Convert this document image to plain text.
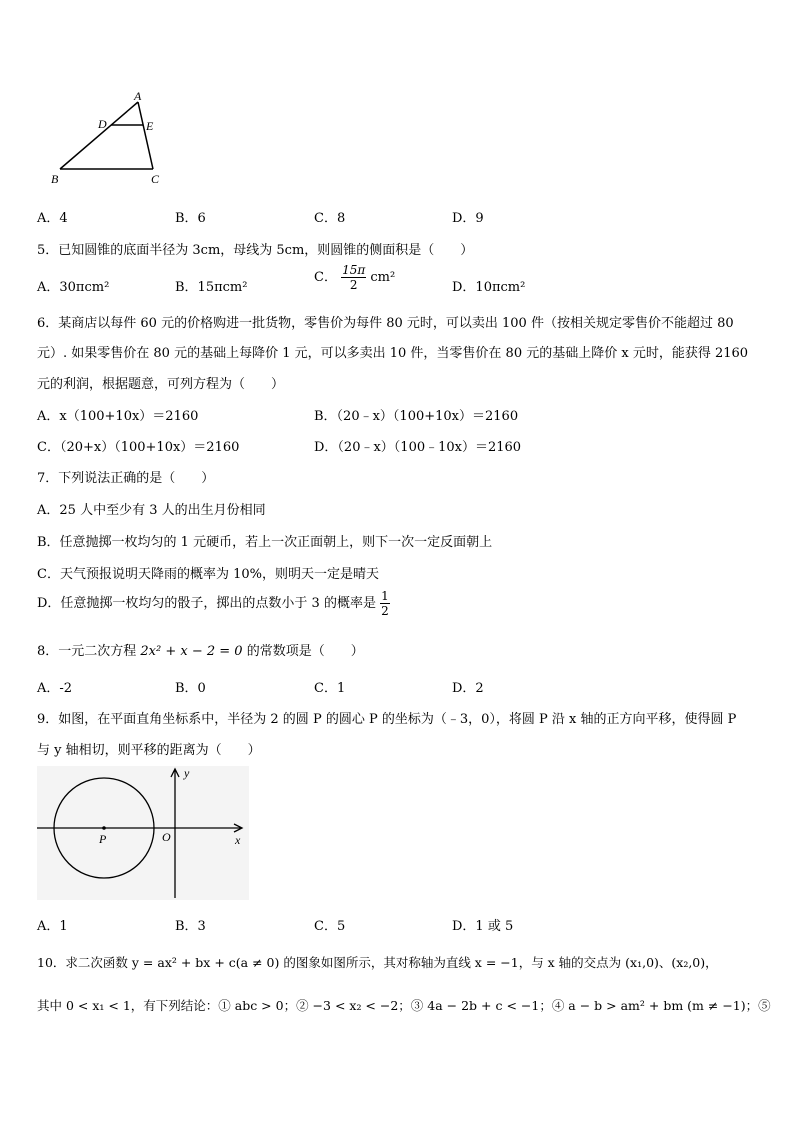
A
D	E
B	C
A．4	B．6	C．8	D．9
5．已知圆锥的底面半径为 3cm，母线为 5cm，则圆锥的侧面积是（　　）
A．30πcm²	B．15πcm²
C． $\frac{15\pi}{2} cm^2$
D．10πcm²
6．某商店以每件 60 元的价格购进一批货物，零售价为每件 80 元时，可以卖出 100 件（按相关规定零售价不能超过 80
元）. 如果零售价在 80 元的基础上每降价 1 元，可以多卖出 10 件，当零售价在 80 元的基础上降价 x 元时，能获得 2160
元的利润，根据题意，可列方程为（　　）
A．x（100+10x）＝2160	B．（20﹣x）（100+10x）＝2160
C．（20+x）（100+10x）＝2160	D．（20﹣x）（100﹣10x）＝2160
7．下列说法正确的是（　　）
A．25 人中至少有 3 人的出生月份相同
B．任意抛掷一枚均匀的 1 元硬币，若上一次正面朝上，则下一次一定反面朝上
C．天气预报说明天降雨的概率为 10%，则明天一定是晴天
D．任意抛掷一枚均匀的骰子，掷出的点数小于 3 的概率是 $\frac{1}{2}$
8．一元二次方程 2x² + x − 2 = 0 的常数项是（　　）
A．-2	B．0	C．1	D．2
9．如图，在平面直角坐标系中，半径为 2 的圆 P 的圆心 P 的坐标为（﹣3，0），将圆 P 沿 x 轴的正方向平移，使得圆 P
与 y 轴相切，则平移的距离为（　　）
y
x
O
P
A．1	B．3	C．5	D．1 或 5
10．求二次函数 y = ax² + bx + c(a ≠ 0) 的图象如图所示，其对称轴为直线 x = −1，与 x 轴的交点为 (x₁,0)、(x₂,0)，
其中 0 < x₁ < 1，有下列结论：① abc > 0；② −3 < x₂ < −2；③ 4a − 2b + c < −1；④ a − b > am² + bm (m ≠ −1)；⑤
